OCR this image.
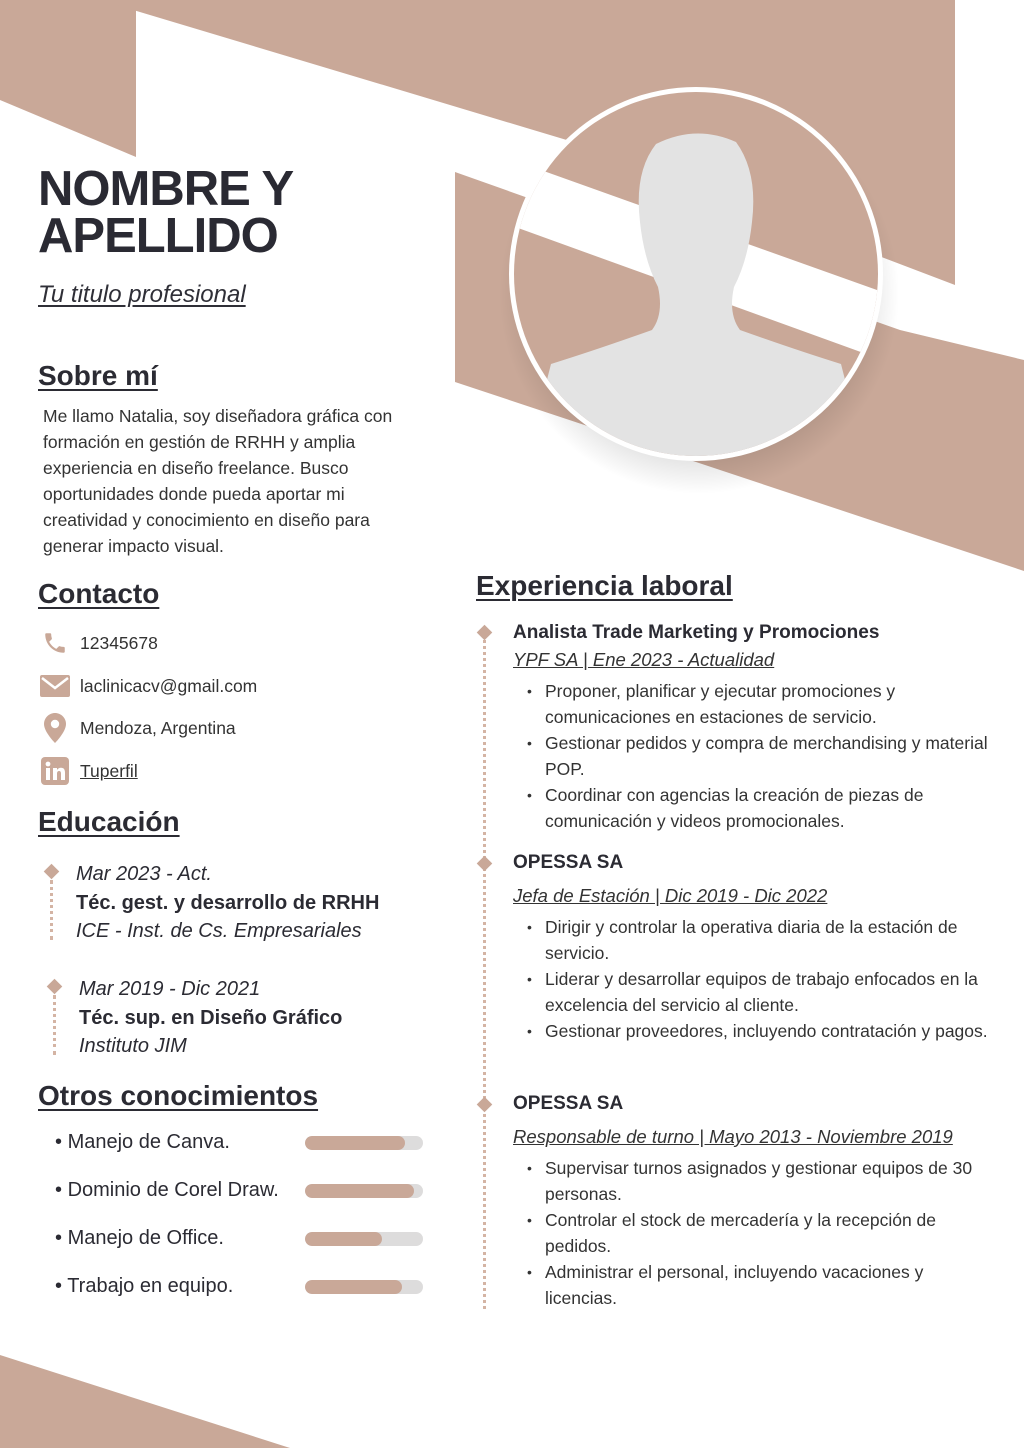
NOMBRE Y
APELLIDO
Tu titulo profesional
Sobre mí
Me llamo Natalia, soy diseñadora gráfica con formación en gestión de RRHH y amplia experiencia en diseño freelance. Busco oportunidades donde pueda aportar mi creatividad y conocimiento en diseño para generar impacto visual.
Contacto
12345678
laclinicacv@gmail.com
Mendoza, Argentina
Tuperfil
Educación
Mar 2023 - Act.
Téc. gest. y desarrollo de RRHH
ICE - Inst. de Cs. Empresariales
Mar 2019 - Dic 2021
Téc. sup. en Diseño Gráfico
Instituto JIM
Otros conocimientos
• Manejo de Canva.
• Dominio de Corel Draw.
• Manejo de Office.
• Trabajo en equipo.
Experiencia laboral
Analista Trade Marketing y Promociones
YPF SA | Ene 2023 - Actualidad
• Proponer, planificar y ejecutar promociones y comunicaciones en estaciones de servicio.
• Gestionar pedidos y compra de merchandising y material POP.
• Coordinar con agencias la creación de piezas de comunicación y videos promocionales.
OPESSA SA
Jefa de Estación | Dic 2019 - Dic 2022
• Dirigir y controlar la operativa diaria de la estación de servicio.
• Liderar y desarrollar equipos de trabajo enfocados en la excelencia del servicio al cliente.
• Gestionar proveedores, incluyendo contratación y pagos.
OPESSA SA
Responsable de turno | Mayo 2013 - Noviembre 2019
• Supervisar turnos asignados y gestionar equipos de 30 personas.
• Controlar el stock de mercadería y la recepción de pedidos.
• Administrar el personal, incluyendo vacaciones y licencias.
